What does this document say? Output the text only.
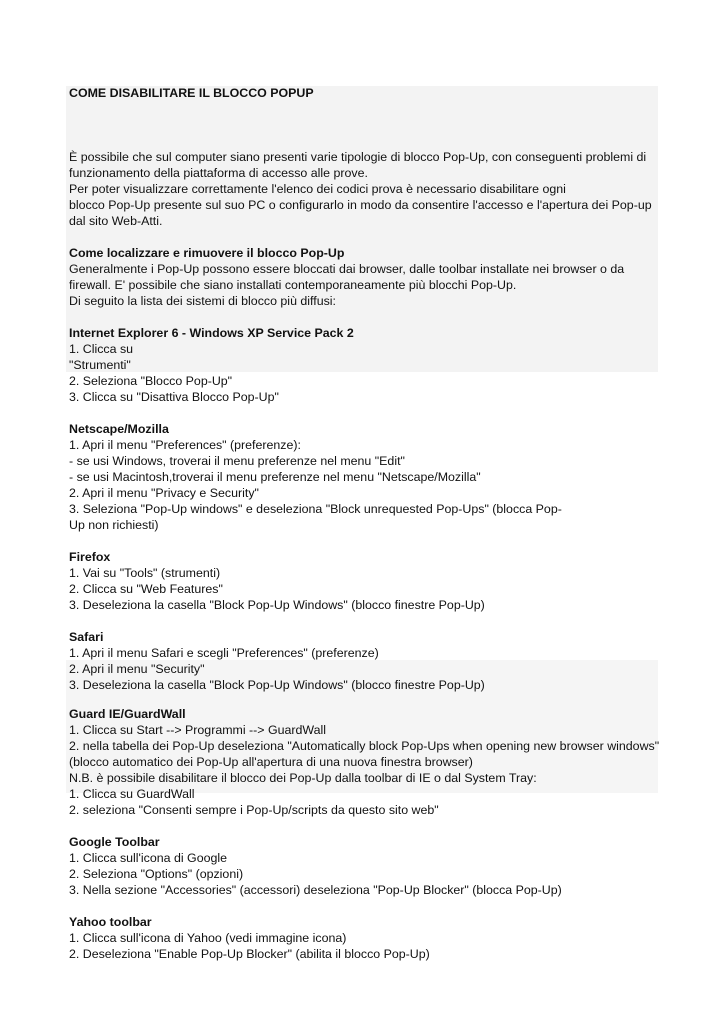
COME DISABILITARE IL BLOCCO POPUP
È possibile che sul computer siano presenti varie tipologie di blocco Pop-Up, con conseguenti problemi di
funzionamento della piattaforma di accesso alle prove.
Per poter visualizzare correttamente l'elenco dei codici prova è necessario disabilitare ogni
blocco Pop-Up presente sul suo PC o configurarlo in modo da consentire l'accesso e l'apertura dei Pop-up
dal sito Web-Atti.
Come localizzare e rimuovere il blocco Pop-Up
Generalmente i Pop-Up possono essere bloccati dai browser, dalle toolbar installate nei browser o da
firewall. E' possibile che siano installati contemporaneamente più blocchi Pop-Up.
Di seguito la lista dei sistemi di blocco più diffusi:
Internet Explorer 6 - Windows XP Service Pack 2
1. Clicca su
"Strumenti"
2. Seleziona "Blocco Pop-Up"
3. Clicca su "Disattiva Blocco Pop-Up"
Netscape/Mozilla
1. Apri il menu "Preferences" (preferenze):
- se usi Windows, troverai il menu preferenze nel menu "Edit"
- se usi Macintosh,troverai il menu preferenze nel menu "Netscape/Mozilla"
2. Apri il menu "Privacy e Security"
3. Seleziona "Pop-Up windows" e deseleziona "Block unrequested Pop-Ups" (blocca Pop-
Up non richiesti)
Firefox
1. Vai su "Tools" (strumenti)
2. Clicca su "Web Features"
3. Deseleziona la casella "Block Pop-Up Windows" (blocco finestre Pop-Up)
Safari
1. Apri il menu Safari e scegli "Preferences" (preferenze)
2. Apri il menu "Security"
3. Deseleziona la casella "Block Pop-Up Windows" (blocco finestre Pop-Up)
Guard IE/GuardWall
1. Clicca su Start --> Programmi --> GuardWall
2. nella tabella dei Pop-Up deseleziona "Automatically block Pop-Ups when opening new browser windows"
(blocco automatico dei Pop-Up all'apertura di una nuova finestra browser)
N.B. è possibile disabilitare il blocco dei Pop-Up dalla toolbar di IE o dal System Tray:
1. Clicca su GuardWall
2. seleziona "Consenti sempre i Pop-Up/scripts da questo sito web"
Google Toolbar
1. Clicca sull'icona di Google
2. Seleziona "Options" (opzioni)
3. Nella sezione "Accessories" (accessori) deseleziona "Pop-Up Blocker" (blocca Pop-Up)
Yahoo toolbar
1. Clicca sull'icona di Yahoo (vedi immagine icona)
2. Deseleziona "Enable Pop-Up Blocker" (abilita il blocco Pop-Up)
